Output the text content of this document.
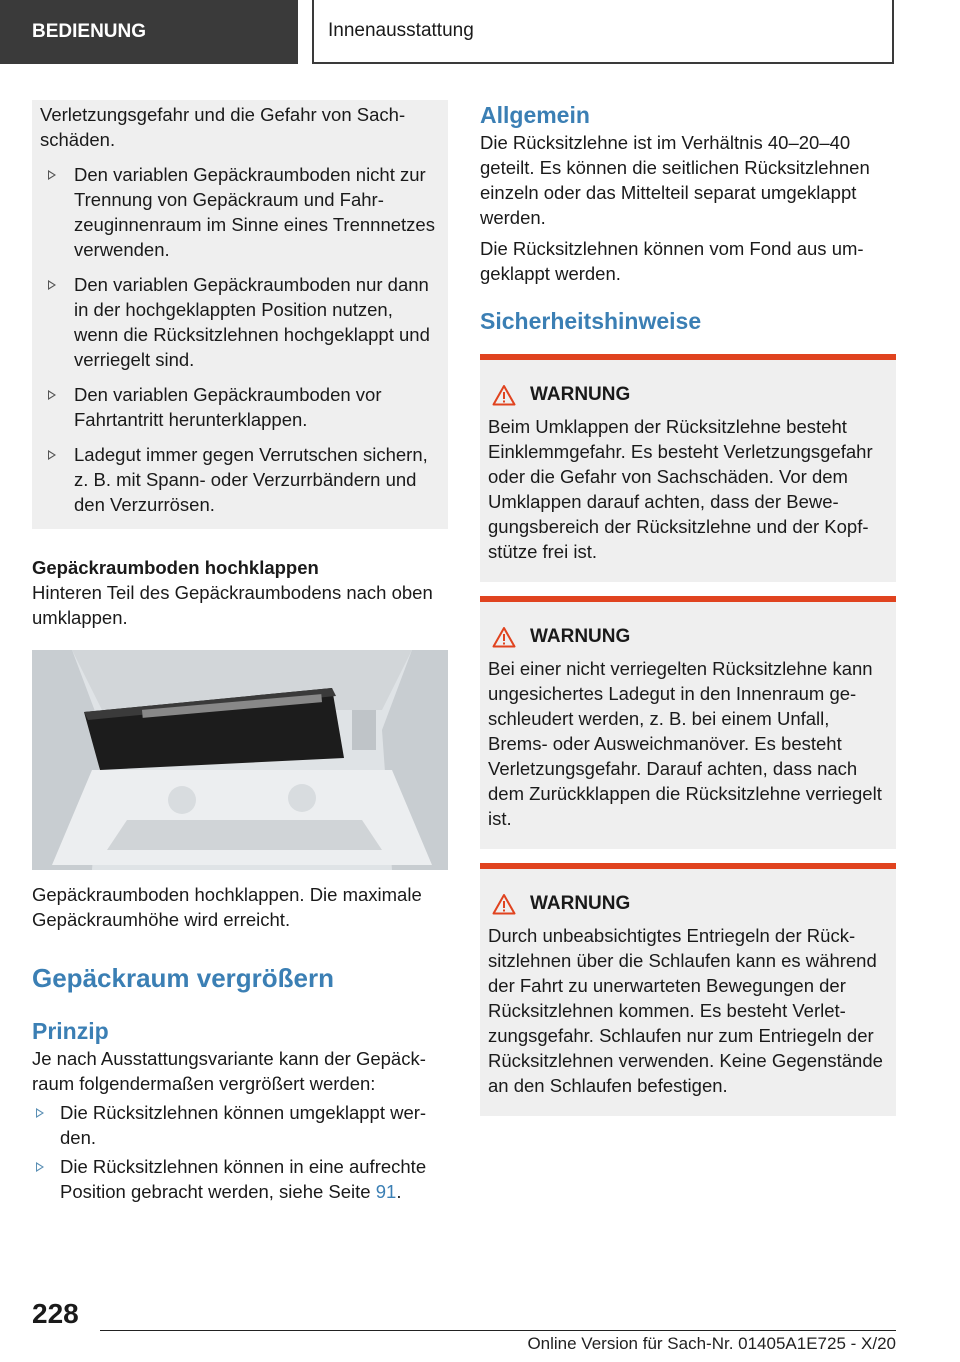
BEDIENUNG	Innenausstattung

Verletzungsgefahr und die Gefahr von Sachschäden.

Den variablen Gepäckraumboden nicht zur Trennung von Gepäckraum und Fahrzeuginnenraum im Sinne eines Trennnetzes verwenden.
Den variablen Gepäckraumboden nur dann in der hochgeklappten Position nutzen, wenn die Rücksitzlehnen hochgeklappt und verriegelt sind.
Den variablen Gepäckraumboden vor Fahrtantritt herunterklappen.
Ladegut immer gegen Verrutschen sichern, z. B. mit Spann- oder Verzurrbändern und den Verzurrösen.
Gepäckraumboden hochklappen

Hinteren Teil des Gepäckraumbodens nach oben umklappen.

Gepäckraumboden hochklappen. Die maximale Gepäckraumhöhe wird erreicht.

Gepäckraum vergrößern
Prinzip

Je nach Ausstattungsvariante kann der Gepäckraum folgendermaßen vergrößert werden:

Die Rücksitzlehnen können umgeklappt werden.
Die Rücksitzlehnen können in eine aufrechte Position gebracht werden, siehe Seite 91.
Allgemein

Die Rücksitzlehne ist im Verhältnis 40–20–40 geteilt. Es können die seitlichen Rücksitzlehnen einzeln oder das Mittelteil separat umgeklappt werden.

Die Rücksitzlehnen können vom Fond aus umgeklappt werden.

Sicherheitshinweise
WARNUNG

Beim Umklappen der Rücksitzlehne besteht Einklemmgefahr. Es besteht Verletzungsgefahr oder die Gefahr von Sachschäden. Vor dem Umklappen darauf achten, dass der Bewegungsbereich der Rücksitzlehne und der Kopfstütze frei ist.

WARNUNG

Bei einer nicht verriegelten Rücksitzlehne kann ungesichertes Ladegut in den Innenraum geschleudert werden, z. B. bei einem Unfall, Brems- oder Ausweichmanöver. Es besteht Verletzungsgefahr. Darauf achten, dass nach dem Zurückklappen die Rücksitzlehne verriegelt ist.

WARNUNG

Durch unbeabsichtigtes Entriegeln der Rücksitzlehnen über die Schlaufen kann es während der Fahrt zu unerwarteten Bewegungen der Rücksitzlehnen kommen. Es besteht Verletzungsgefahr. Schlaufen nur zum Entriegeln der Rücksitzlehnen verwenden. Keine Gegenstände an den Schlaufen befestigen.

228
Online Version für Sach-Nr. 01405A1E725 - X/20
